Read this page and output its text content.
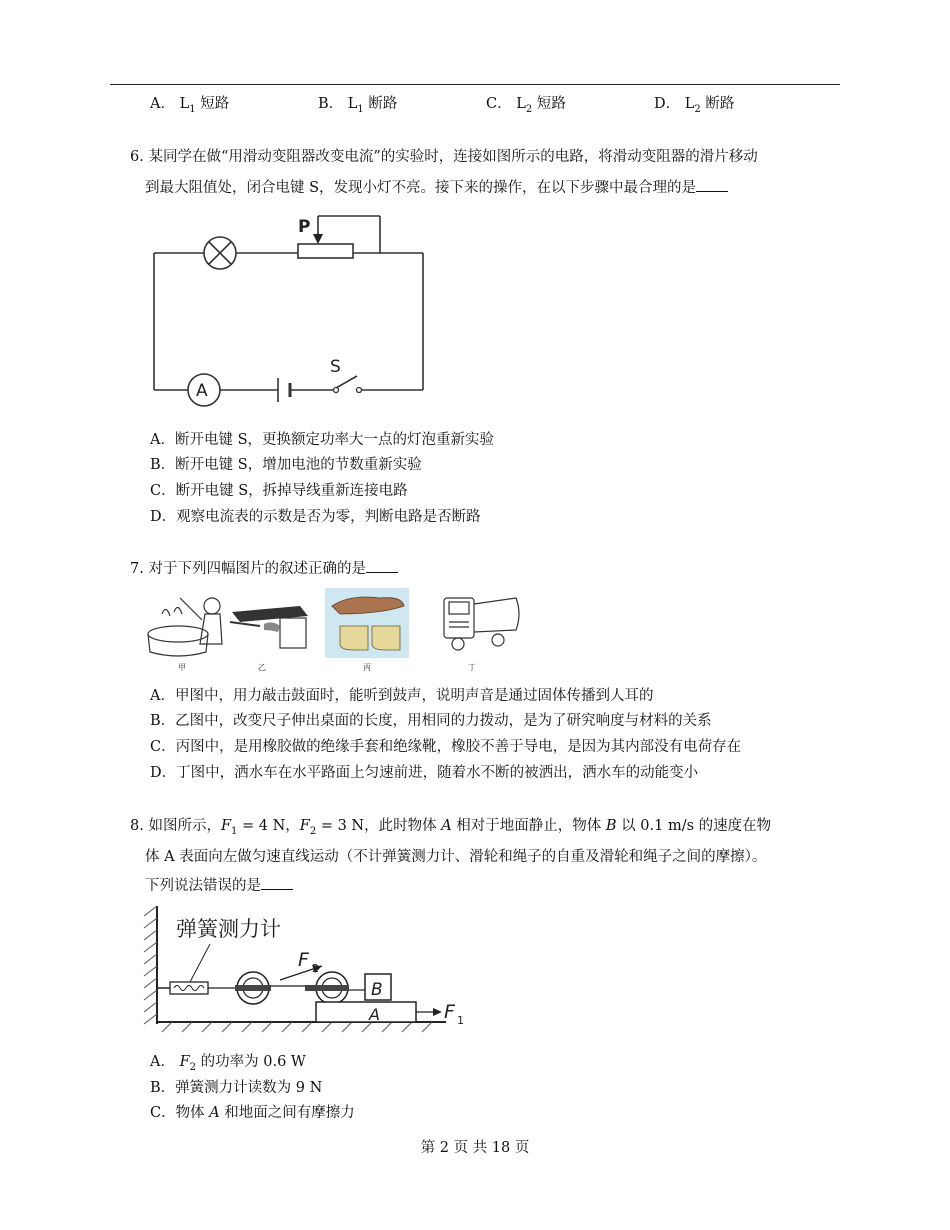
A． $L_1$ 短路	B． $L_1$ 断路	C． $L_2$ 短路	D． $L_2$ 断路
6. 某同学在做“用滑动变阻器改变电流”的实验时，连接如图所示的电路，将滑动变阻器的滑片移动
到最大阻值处，闭合电键 S，发现小灯不亮。接下来的操作，在以下步骤中最合理的是
P
A
S
A．断开电键 S，更换额定功率大一点的灯泡重新实验
B．断开电键 S，增加电池的节数重新实验
C．断开电键 S，拆掉导线重新连接电路
D．观察电流表的示数是否为零，判断电路是否断路
7. 对于下列四幅图片的叙述正确的是
甲	乙	丙	丁
A．甲图中，用力敲击鼓面时，能听到鼓声，说明声音是通过固体传播到人耳的
B．乙图中，改变尺子伸出桌面的长度，用相同的力拨动，是为了研究响度与材料的关系
C．丙图中，是用橡胶做的绝缘手套和绝缘靴，橡胶不善于导电，是因为其内部没有电荷存在
D．丁图中，洒水车在水平路面上匀速前进，随着水不断的被洒出，洒水车的动能变小
8. 如图所示，$F_1 = 4$ N，$F_2 = 3$ N，此时物体 A 相对于地面静止，物体 B 以 0.1 m/s 的速度在物
体 A 表面向左做匀速直线运动（不计弹簧测力计、滑轮和绳子的自重及滑轮和绳子之间的摩擦）。
下列说法错误的是
弹簧测力计
F 2
B
A	F 1
A． $F_2$ 的功率为 0.6 W
B．弹簧测力计读数为 9 N
C．物体 A 和地面之间有摩擦力
第 2 页 共 18 页
